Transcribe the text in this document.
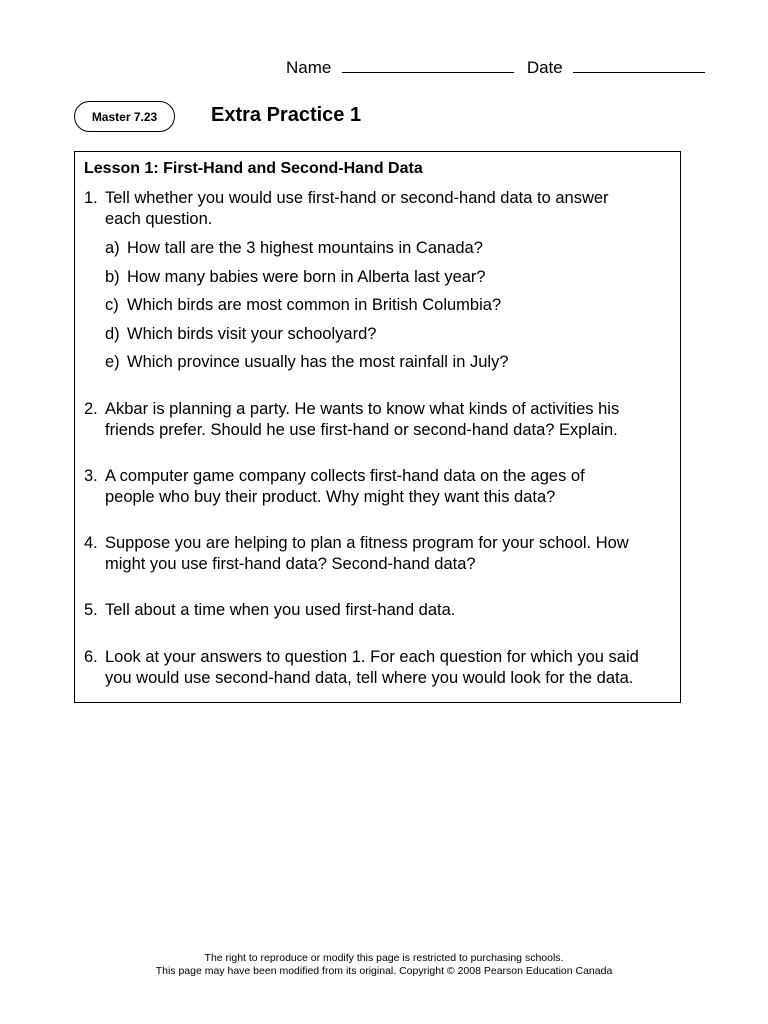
Name	Date
Master 7.23	Extra Practice 1
Lesson 1: First-Hand and Second-Hand Data
1. Tell whether you would use first-hand or second-hand data to answer
each question.
a) How tall are the 3 highest mountains in Canada?
b) How many babies were born in Alberta last year?
c) Which birds are most common in British Columbia?
d) Which birds visit your schoolyard?
e) Which province usually has the most rainfall in July?
2. Akbar is planning a party. He wants to know what kinds of activities his
friends prefer. Should he use first-hand or second-hand data? Explain.
3. A computer game company collects first-hand data on the ages of
people who buy their product. Why might they want this data?
4. Suppose you are helping to plan a fitness program for your school. How
might you use first-hand data? Second-hand data?
5. Tell about a time when you used first-hand data.
6. Look at your answers to question 1. For each question for which you said
you would use second-hand data, tell where you would look for the data.
The right to reproduce or modify this page is restricted to purchasing schools.
This page may have been modified from its original. Copyright © 2008 Pearson Education Canada
